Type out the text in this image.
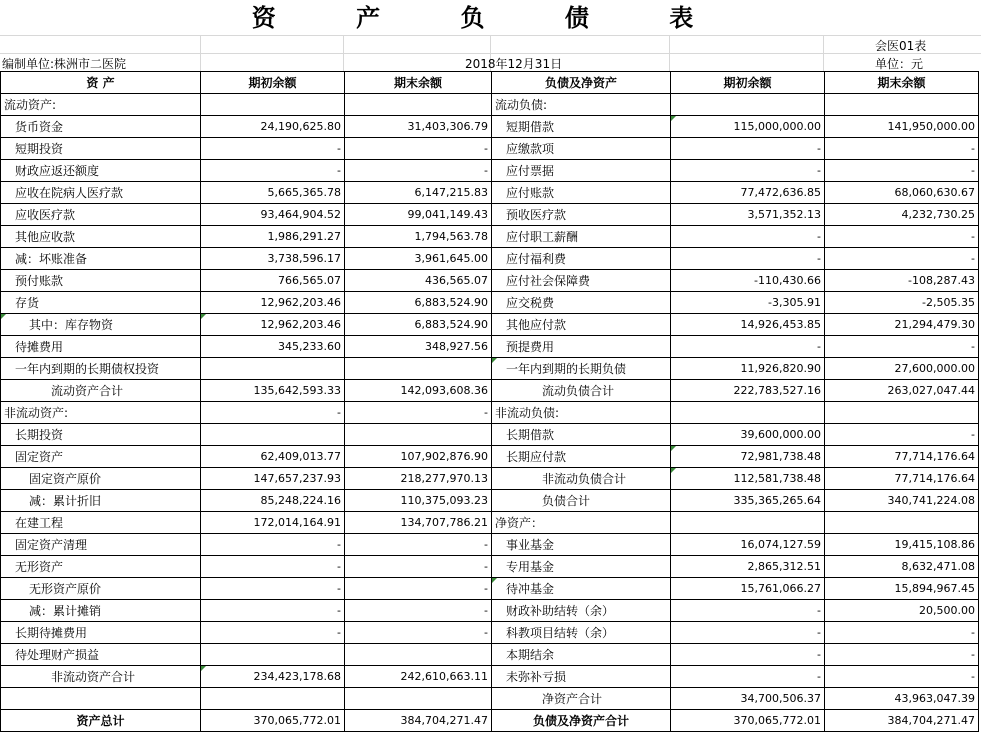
资 产 负 债 表
会医01表
编制单位:株洲市二医院	2018年12月31日	单位：元
资 产	期初余额	期末余额	负债及净资产	期初余额	期末余额
流动资产:			流动负债:		
货币资金	24,190,625.80	31,403,306.79	短期借款	115,000,000.00	141,950,000.00
短期投资	-	-	应缴款项	-	-
财政应返还额度	-	-	应付票据	-	-
应收在院病人医疗款	5,665,365.78	6,147,215.83	应付账款	77,472,636.85	68,060,630.67
应收医疗款	93,464,904.52	99,041,149.43	预收医疗款	3,571,352.13	4,232,730.25
其他应收款	1,986,291.27	1,794,563.78	应付职工薪酬	-	-
减：坏账准备	3,738,596.17	3,961,645.00	应付福利费	-	-
预付账款	766,565.07	436,565.07	应付社会保障费	-110,430.66	-108,287.43
存货	12,962,203.46	6,883,524.90	应交税费	-3,305.91	-2,505.35
其中：库存物资	12,962,203.46	6,883,524.90	其他应付款	14,926,453.85	21,294,479.30
待摊费用	345,233.60	348,927.56	预提费用	-	-
一年内到期的长期债权投资			一年内到期的长期负债	11,926,820.90	27,600,000.00
流动资产合计	135,642,593.33	142,093,608.36	流动负债合计	222,783,527.16	263,027,047.44
非流动资产:	-	-	非流动负债:		
长期投资			长期借款	39,600,000.00	-
固定资产	62,409,013.77	107,902,876.90	长期应付款	72,981,738.48	77,714,176.64
固定资产原价	147,657,237.93	218,277,970.13	非流动负债合计	112,581,738.48	77,714,176.64
减：累计折旧	85,248,224.16	110,375,093.23	负债合计	335,365,265.64	340,741,224.08
在建工程	172,014,164.91	134,707,786.21	净资产：		
固定资产清理	-	-	事业基金	16,074,127.59	19,415,108.86
无形资产	-	-	专用基金	2,865,312.51	8,632,471.08
无形资产原价	-	-	待冲基金	15,761,066.27	15,894,967.45
减：累计摊销	-	-	财政补助结转（余）	-	20,500.00
长期待摊费用	-	-	科教项目结转（余）	-	-
待处理财产损益			本期结余	-	-
非流动资产合计	234,423,178.68	242,610,663.11	未弥补亏损	-	-
			净资产合计	34,700,506.37	43,963,047.39
资产总计	370,065,772.01	384,704,271.47	负债及净资产合计	370,065,772.01	384,704,271.47
